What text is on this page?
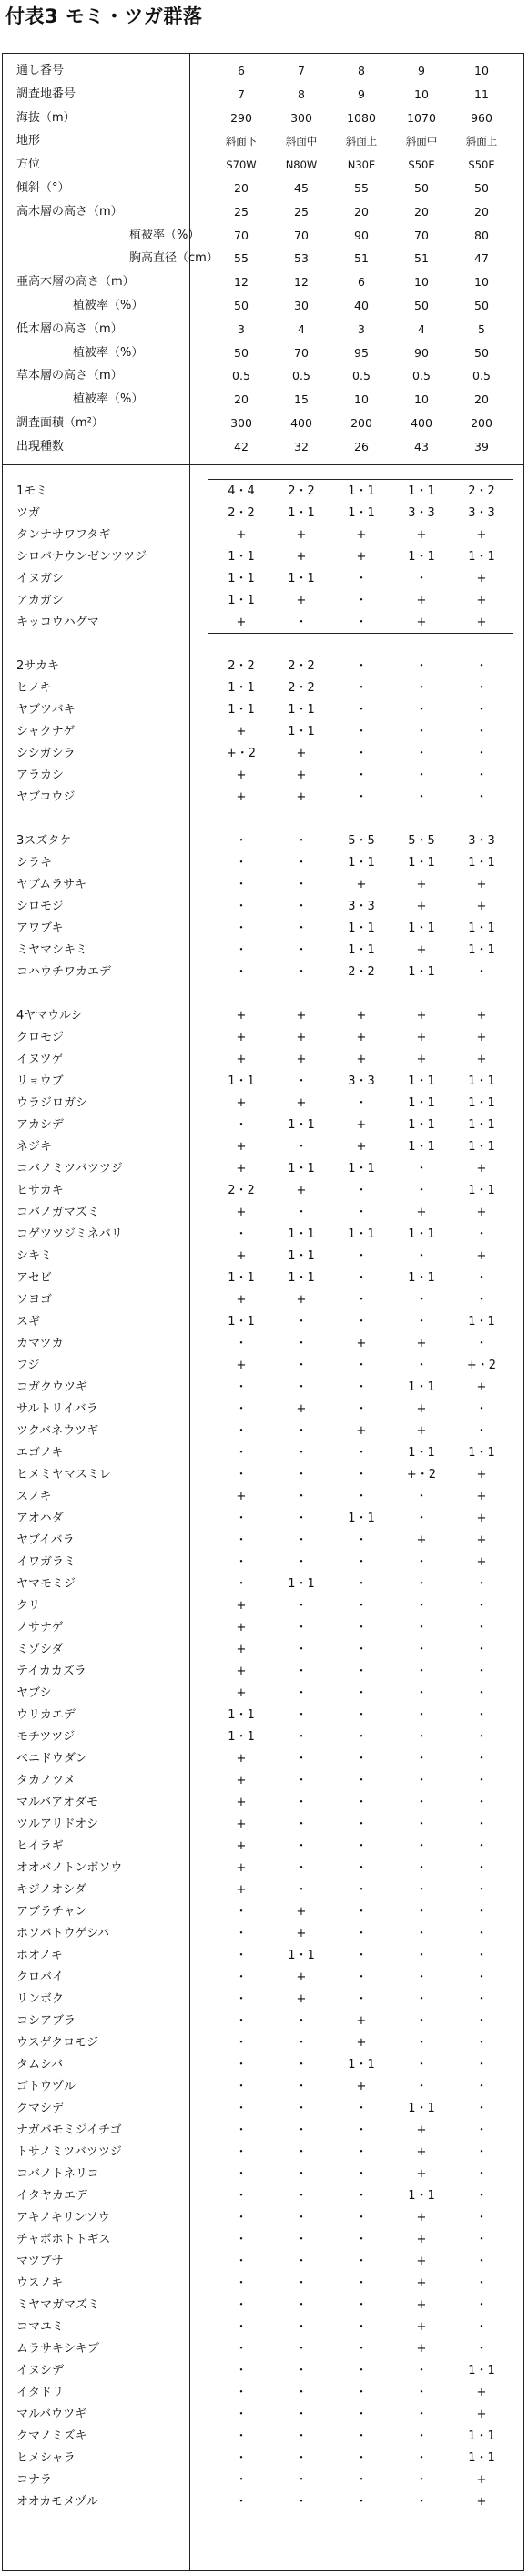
付表3 モミ・ツガ群落
通し番号	6	7	8	9	10
調査地番号	7	8	9	10	11
海抜（m）	290	300	1080	1070	960
地形	斜面下	斜面中	斜面上	斜面中	斜面上
方位	S70W	N80W	N30E	S50E	S50E
傾斜（°）	20	45	55	50	50
高木層の高さ（m）	25	25	20	20	20
植被率（%）	70	70	90	70	80
胸高直径（cm）	55	53	51	51	47
亜高木層の高さ（m）	12	12	6	10	10
植被率（%）	50	30	40	50	50
低木層の高さ（m）	3	4	3	4	5
植被率（%）	50	70	95	90	50
草本層の高さ（m）	0.5	0.5	0.5	0.5	0.5
植被率（%）	20	15	10	10	20
調査面積（m²）	300	400	200	400	200
出現種数	42	32	26	43	39
1モミ	4・4	2・2	1・1	1・1	2・2
ツガ	2・2	1・1	1・1	3・3	3・3
タンナサワフタギ	+	+	+	+	+
シロバナウンゼンツツジ	1・1	+	+	1・1	1・1
イヌガシ	1・1	1・1	・	・	+
アカガシ	1・1	+	・	+	+
キッコウハグマ	+	・	・	+	+
2サカキ	2・2	2・2	・	・	・
ヒノキ	1・1	2・2	・	・	・
ヤブツバキ	1・1	1・1	・	・	・
シャクナゲ	+	1・1	・	・	・
シシガシラ	+・2	+	・	・	・
アラカシ	+	+	・	・	・
ヤブコウジ	+	+	・	・	・
3スズタケ	・	・	5・5	5・5	3・3
シラキ	・	・	1・1	1・1	1・1
ヤブムラサキ	・	・	+	+	+
シロモジ	・	・	3・3	+	+
アワブキ	・	・	1・1	1・1	1・1
ミヤマシキミ	・	・	1・1	+	1・1
コハウチワカエデ	・	・	2・2	1・1	・
4ヤマウルシ	+	+	+	+	+
クロモジ	+	+	+	+	+
イヌツゲ	+	+	+	+	+
リョウブ	1・1	・	3・3	1・1	1・1
ウラジロガシ	+	+	・	1・1	1・1
アカシデ	・	1・1	+	1・1	1・1
ネジキ	+	・	+	1・1	1・1
コバノミツバツツジ	+	1・1	1・1	・	+
ヒサカキ	2・2	+	・	・	1・1
コバノガマズミ	+	・	・	+	+
コゲツツジミネバリ	・	1・1	1・1	1・1	・
シキミ	+	1・1	・	・	+
アセビ	1・1	1・1	・	1・1	・
ソヨゴ	+	+	・	・	・
スギ	1・1	・	・	・	1・1
カマツカ	・	・	+	+	・
フジ	+	・	・	・	+・2
コガクウツギ	・	・	・	1・1	+
サルトリイバラ	・	+	・	+	・
ツクバネウツギ	・	・	+	+	・
エゴノキ	・	・	・	1・1	1・1
ヒメミヤマスミレ	・	・	・	+・2	+
スノキ	+	・	・	・	+
アオハダ	・	・	1・1	・	+
ヤブイバラ	・	・	・	+	+
イワガラミ	・	・	・	・	+
ヤマモミジ	・	1・1	・	・	・
クリ	+	・	・	・	・
ノサナゲ	+	・	・	・	・
ミゾシダ	+	・	・	・	・
テイカカズラ	+	・	・	・	・
ヤブシ	+	・	・	・	・
ウリカエデ	1・1	・	・	・	・
モチツツジ	1・1	・	・	・	・
ベニドウダン	+	・	・	・	・
タカノツメ	+	・	・	・	・
マルバアオダモ	+	・	・	・	・
ツルアリドオシ	+	・	・	・	・
ヒイラギ	+	・	・	・	・
オオバノトンボソウ	+	・	・	・	・
キジノオシダ	+	・	・	・	・
アブラチャン	・	+	・	・	・
ホソバトウゲシバ	・	+	・	・	・
ホオノキ	・	1・1	・	・	・
クロバイ	・	+	・	・	・
リンボク	・	+	・	・	・
コシアブラ	・	・	+	・	・
ウスゲクロモジ	・	・	+	・	・
タムシバ	・	・	1・1	・	・
ゴトウヅル	・	・	+	・	・
クマシデ	・	・	・	1・1	・
ナガバモミジイチゴ	・	・	・	+	・
トサノミツバツツジ	・	・	・	+	・
コバノトネリコ	・	・	・	+	・
イタヤカエデ	・	・	・	1・1	・
アキノキリンソウ	・	・	・	+	・
チャボホトトギス	・	・	・	+	・
マツブサ	・	・	・	+	・
ウスノキ	・	・	・	+	・
ミヤマガマズミ	・	・	・	+	・
コマユミ	・	・	・	+	・
ムラサキシキブ	・	・	・	+	・
イヌシデ	・	・	・	・	1・1
イタドリ	・	・	・	・	+
マルバウツギ	・	・	・	・	+
クマノミズキ	・	・	・	・	1・1
ヒメシャラ	・	・	・	・	1・1
コナラ	・	・	・	・	+
オオカモメヅル	・	・	・	・	+
